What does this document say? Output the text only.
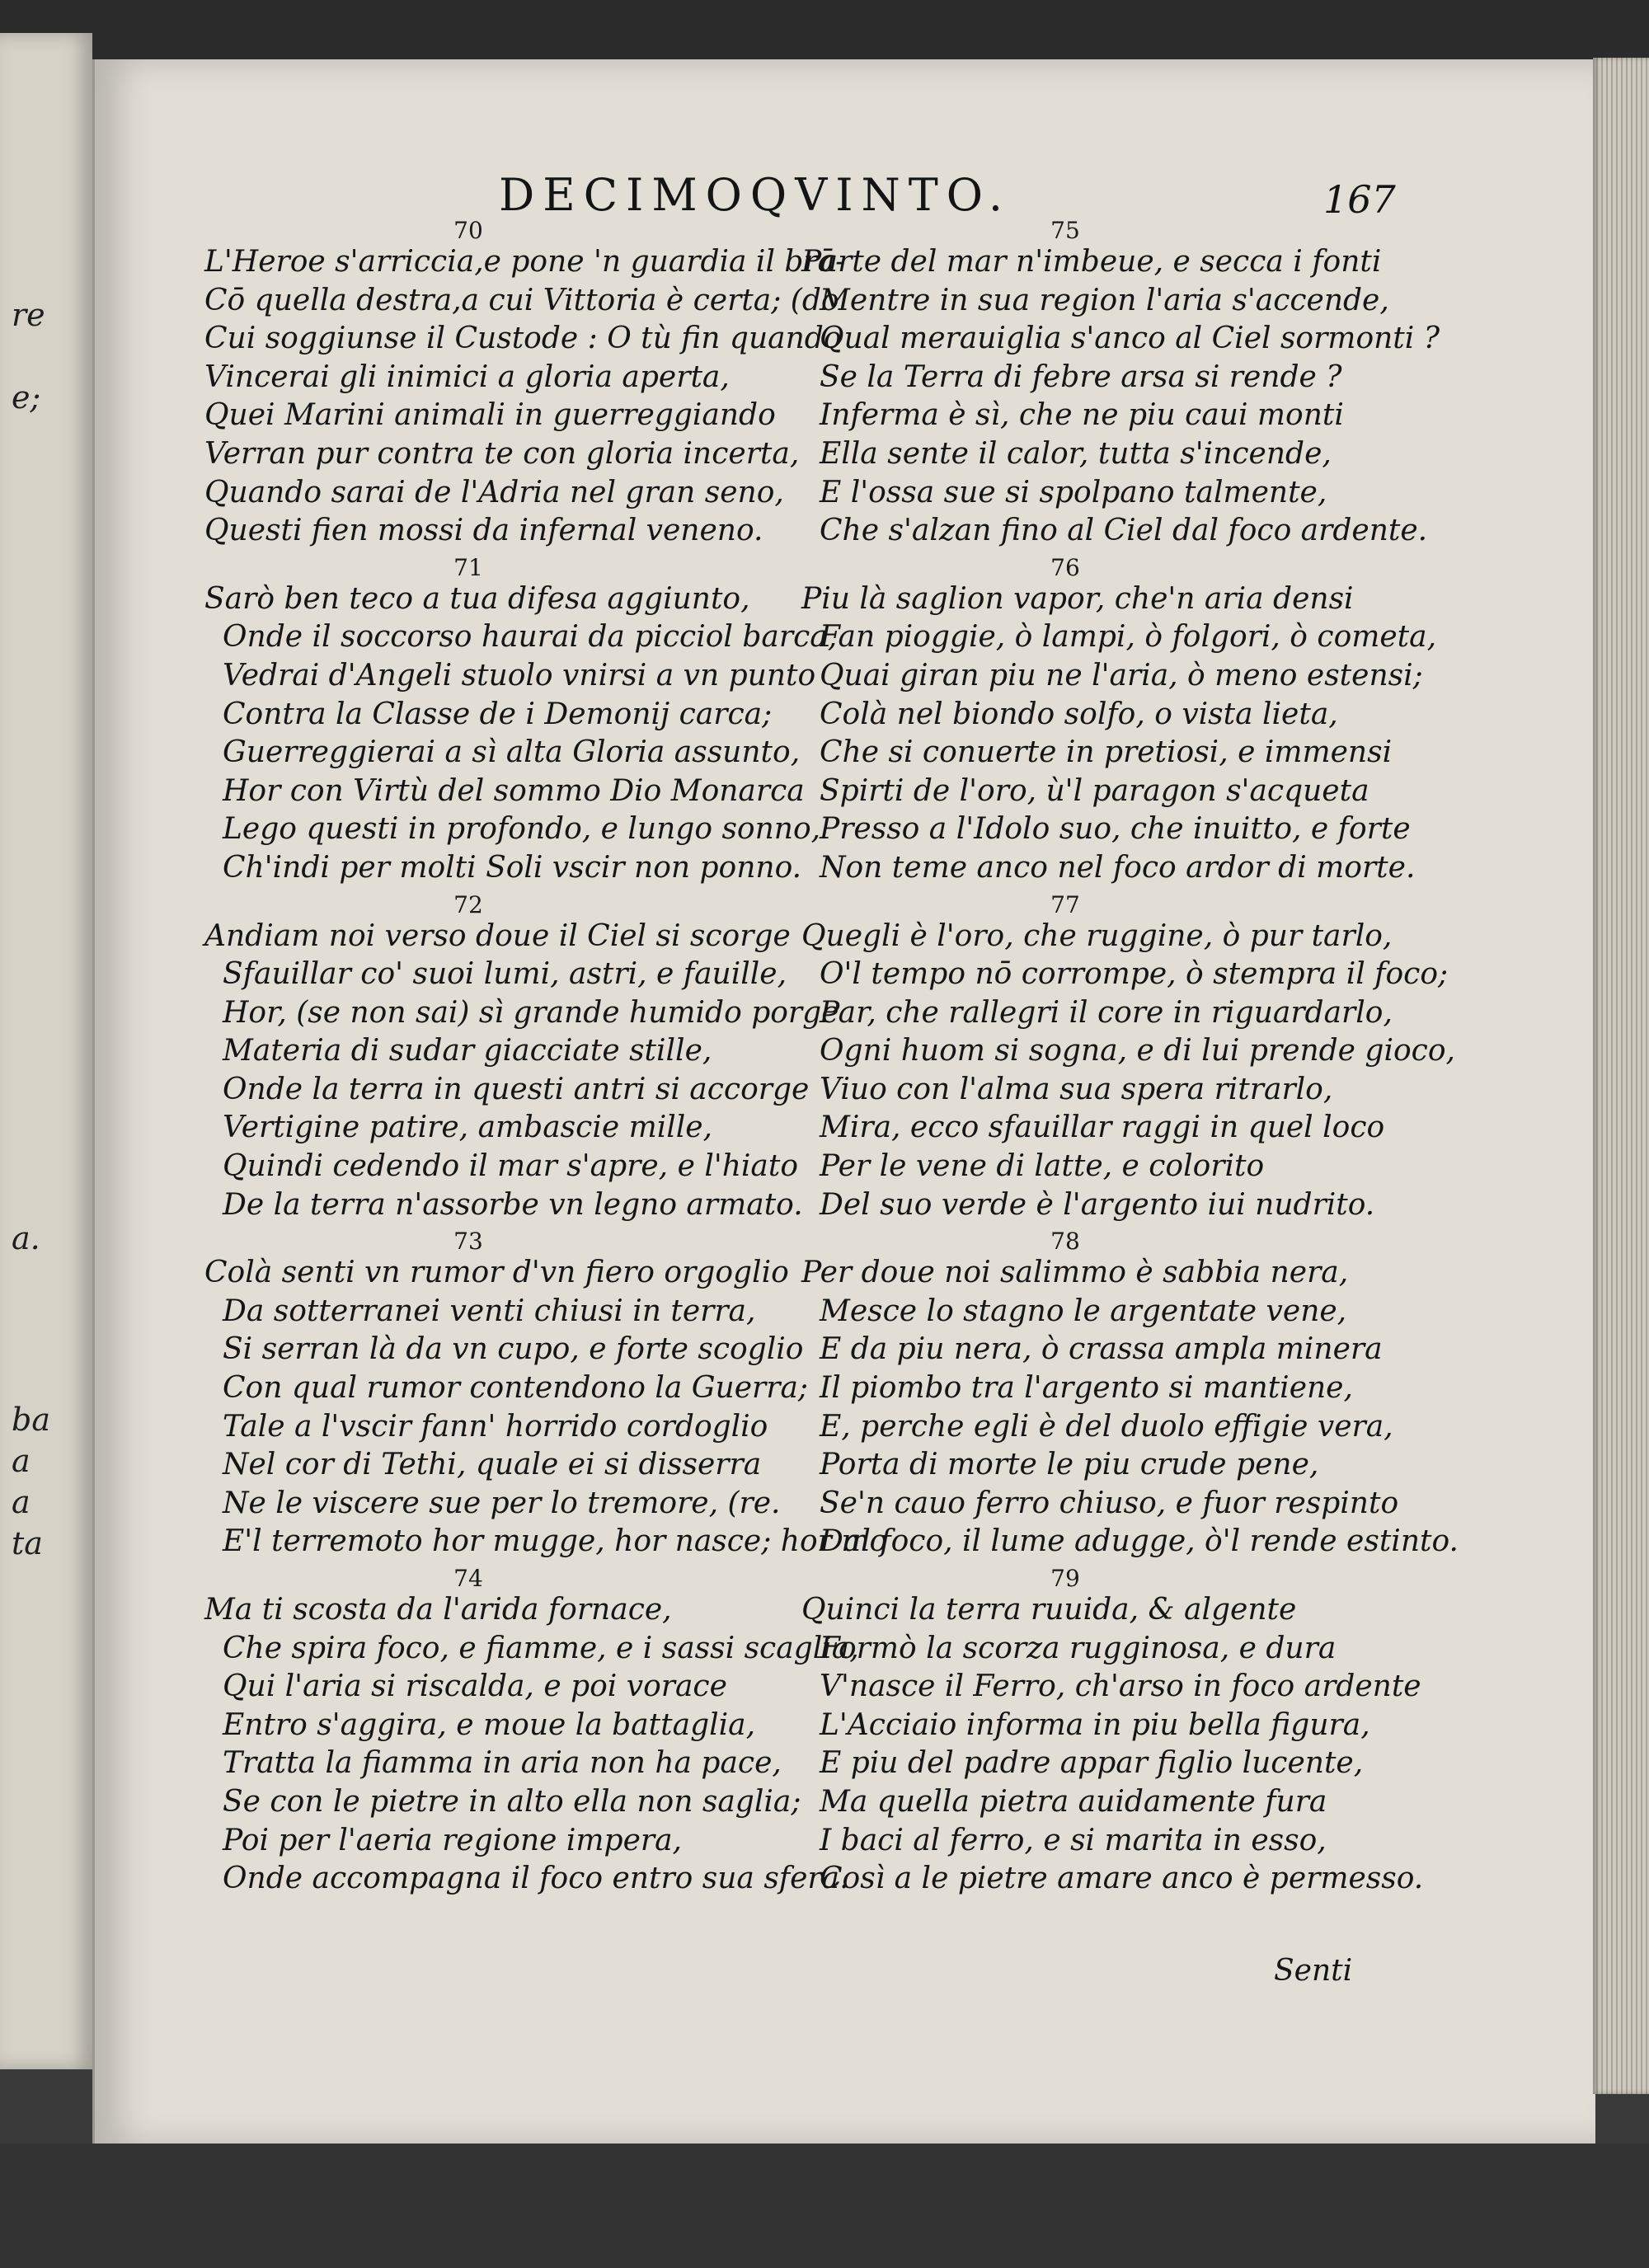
re
e;
a.
ba
a
a
ta
DECIMOQVINTO.	167
70
L'Heroe s'arriccia,e pone 'n guardia il brā-
Cō quella destra,a cui Vittoria è certa; (do
Cui soggiunse il Custode : O tù fin quando
Vincerai gli inimici a gloria aperta,
Quei Marini animali in guerreggiando
Verran pur contra te con gloria incerta,
Quando sarai de l'Adria nel gran seno,
Questi fien mossi da infernal veneno.
71
Sarò ben teco a tua difesa aggiunto,
Onde il soccorso haurai da picciol barca,
Vedrai d'Angeli stuolo vnirsi a vn punto
Contra la Classe de i Demonij carca;
Guerreggierai a sì alta Gloria assunto,
Hor con Virtù del sommo Dio Monarca
Lego questi in profondo, e lungo sonno,
Ch'indi per molti Soli vscir non ponno.
72
Andiam noi verso doue il Ciel si scorge
Sfauillar co' suoi lumi, astri, e fauille,
Hor, (se non sai) sì grande humido porge
Materia di sudar giacciate stille,
Onde la terra in questi antri si accorge
Vertigine patire, ambascie mille,
Quindi cedendo il mar s'apre, e l'hiato
De la terra n'assorbe vn legno armato.
73
Colà senti vn rumor d'vn fiero orgoglio
Da sotterranei venti chiusi in terra,
Si serran là da vn cupo, e forte scoglio
Con qual rumor contendono la Guerra;
Tale a l'vscir fann' horrido cordoglio
Nel cor di Tethi, quale ei si disserra
Ne le viscere sue per lo tremore, (re.
E'l terremoto hor mugge, hor nasce; hor mo
74
Ma ti scosta da l'arida fornace,
Che spira foco, e fiamme, e i sassi scaglia,
Qui l'aria si riscalda, e poi vorace
Entro s'aggira, e moue la battaglia,
Tratta la fiamma in aria non ha pace,
Se con le pietre in alto ella non saglia;
Poi per l'aeria regione impera,
Onde accompagna il foco entro sua sfera.
75
Parte del mar n'imbeue, e secca i fonti
Mentre in sua region l'aria s'accende,
Qual merauiglia s'anco al Ciel sormonti ?
Se la Terra di febre arsa si rende ?
Inferma è sì, che ne piu caui monti
Ella sente il calor, tutta s'incende,
E l'ossa sue si spolpano talmente,
Che s'alzan fino al Ciel dal foco ardente.
76
Piu là saglion vapor, che'n aria densi
Fan pioggie, ò lampi, ò folgori, ò cometa,
Quai giran piu ne l'aria, ò meno estensi;
Colà nel biondo solfo, o vista lieta,
Che si conuerte in pretiosi, e immensi
Spirti de l'oro, ù'l paragon s'acqueta
Presso a l'Idolo suo, che inuitto, e forte
Non teme anco nel foco ardor di morte.
77
Quegli è l'oro, che ruggine, ò pur tarlo,
O'l tempo nō corrompe, ò stempra il foco;
Par, che rallegri il core in riguardarlo,
Ogni huom si sogna, e di lui prende gioco,
Viuo con l'alma sua spera ritrarlo,
Mira, ecco sfauillar raggi in quel loco
Per le vene di latte, e colorito
Del suo verde è l'argento iui nudrito.
78
Per doue noi salimmo è sabbia nera,
Mesce lo stagno le argentate vene,
E da piu nera, ò crassa ampla minera
Il piombo tra l'argento si mantiene,
E, perche egli è del duolo effigie vera,
Porta di morte le piu crude pene,
Se'n cauo ferro chiuso, e fuor respinto
Dal foco, il lume adugge, ò'l rende estinto.
79
Quinci la terra ruuida, & algente
Formò la scorza rugginosa, e dura
V'nasce il Ferro, ch'arso in foco ardente
L'Acciaio informa in piu bella figura,
E piu del padre appar figlio lucente,
Ma quella pietra auidamente fura
I baci al ferro, e si marita in esso,
Così a le pietre amare anco è permesso.
Senti
